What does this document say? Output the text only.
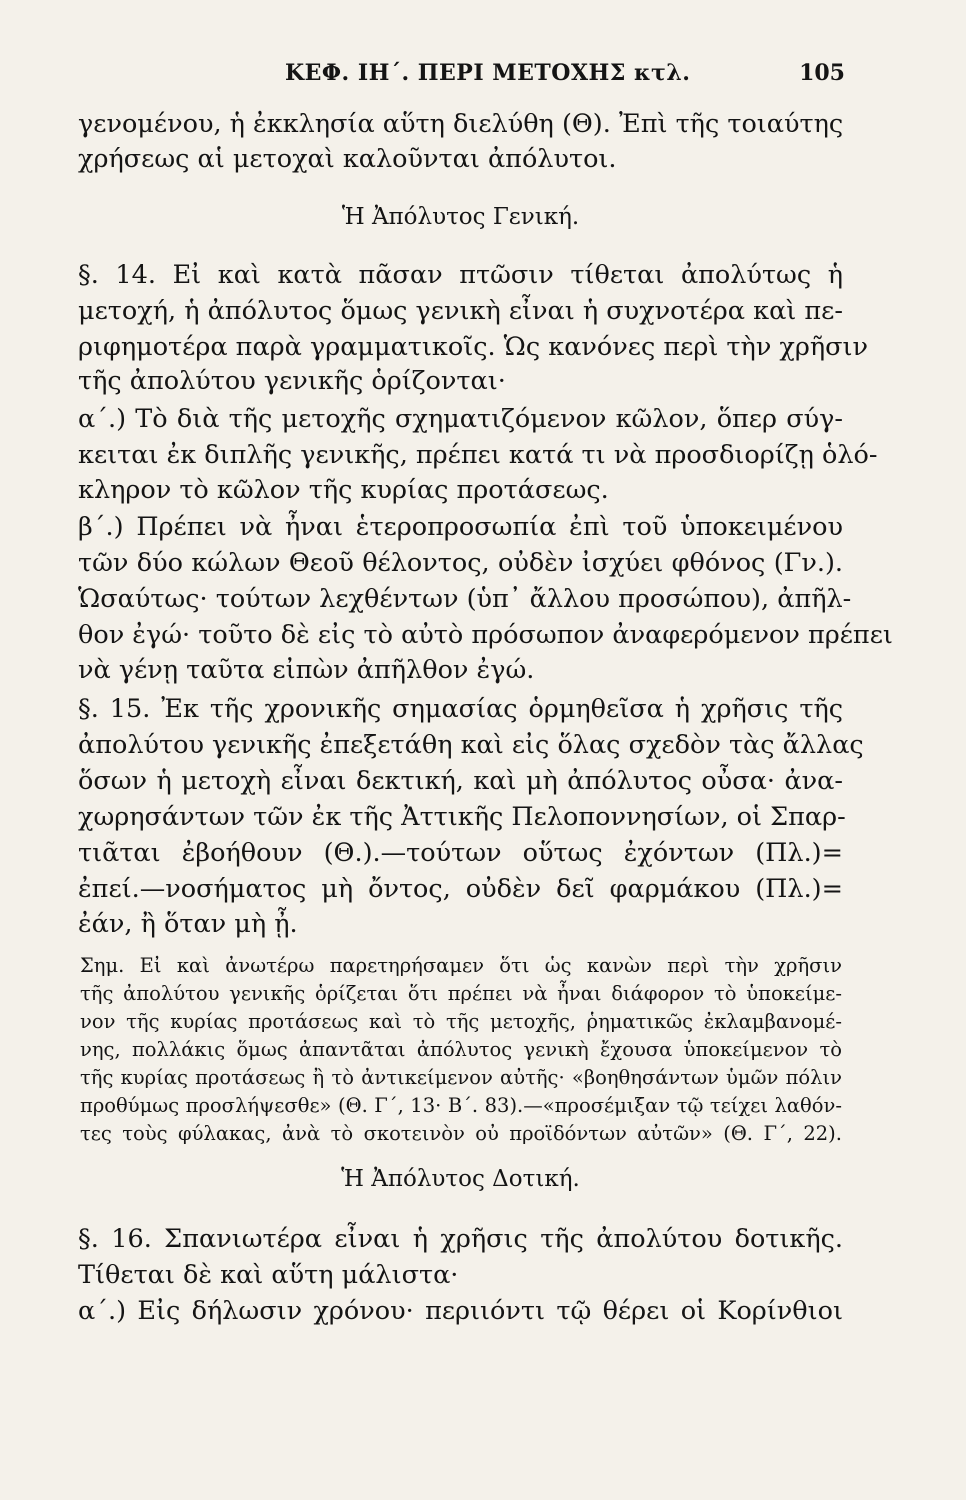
ΚΕΦ. ΙΗ΄. ΠΕΡΙ ΜΕΤΟΧΗΣ κτλ.	105
γενομένου, ἡ ἐκκλησία αὕτη διελύθη (Θ). Ἐπὶ τῆς τοιαύτης
χρήσεως αἱ μετοχαὶ καλοῦνται ἀπόλυτοι.
Ἡ Ἀπόλυτος Γενική.
§. 14. Εἰ καὶ κατὰ πᾶσαν πτῶσιν τίθεται ἀπολύτως ἡ
μετοχή, ἡ ἀπόλυτος ὅμως γενικὴ εἶναι ἡ συχνοτέρα καὶ πε-
ριφημοτέρα παρὰ γραμματικοῖς. Ὡς κανόνες περὶ τὴν χρῆσιν
τῆς ἀπολύτου γενικῆς ὁρίζονται·
α΄.) Τὸ διὰ τῆς μετοχῆς σχηματιζόμενον κῶλον, ὅπερ σύγ-
κειται ἐκ διπλῆς γενικῆς, πρέπει κατά τι νὰ προσδιορίζῃ ὁλό-
κληρον τὸ κῶλον τῆς κυρίας προτάσεως.
β΄.) Πρέπει νὰ ἦναι ἑτεροπροσωπία ἐπὶ τοῦ ὑποκειμένου
τῶν δύο κώλων Θεοῦ θέλοντος, οὐδὲν ἰσχύει φθόνος (Γν.).
Ὡσαύτως· τούτων λεχθέντων (ὑπ᾽ ἄλλου προσώπου), ἀπῆλ-
θον ἐγώ· τοῦτο δὲ εἰς τὸ αὐτὸ πρόσωπον ἀναφερόμενον πρέπει
νὰ γένῃ ταῦτα εἰπὼν ἀπῆλθον ἐγώ.
§. 15. Ἐκ τῆς χρονικῆς σημασίας ὁρμηθεῖσα ἡ χρῆσις τῆς
ἀπολύτου γενικῆς ἐπεξετάθη καὶ εἰς ὅλας σχεδὸν τὰς ἄλλας
ὅσων ἡ μετοχὴ εἶναι δεκτική, καὶ μὴ ἀπόλυτος οὖσα· ἀνα-
χωρησάντων τῶν ἐκ τῆς Ἀττικῆς Πελοποννησίων, οἱ Σπαρ-
τιᾶται ἐβοήθουν (Θ.).—τούτων οὕτως ἐχόντων (Πλ.)=
ἐπεί.—νοσήματος μὴ ὄντος, οὐδὲν δεῖ φαρμάκου (Πλ.)=
ἐάν, ἢ ὅταν μὴ ᾖ.
Σημ. Εἰ καὶ ἀνωτέρω παρετηρήσαμεν ὅτι ὡς κανὼν περὶ τὴν χρῆσιν
τῆς ἀπολύτου γενικῆς ὁρίζεται ὅτι πρέπει νὰ ἦναι διάφορον τὸ ὑποκείμε-
νον τῆς κυρίας προτάσεως καὶ τὸ τῆς μετοχῆς, ῥηματικῶς ἐκλαμβανομέ-
νης, πολλάκις ὅμως ἀπαντᾶται ἀπόλυτος γενικὴ ἔχουσα ὑποκείμενον τὸ
τῆς κυρίας προτάσεως ἢ τὸ ἀντικείμενον αὐτῆς· «βοηθησάντων ὑμῶν πόλιν
προθύμως προσλήψεσθε» (Θ. Γ΄, 13· Β΄. 83).—«προσέμιξαν τῷ τείχει λαθόν-
τες τοὺς φύλακας, ἀνὰ τὸ σκοτεινὸν οὐ προϊδόντων αὐτῶν» (Θ. Γ΄, 22).
Ἡ Ἀπόλυτος Δοτική.
§. 16. Σπανιωτέρα εἶναι ἡ χρῆσις τῆς ἀπολύτου δοτικῆς.
Τίθεται δὲ καὶ αὕτη μάλιστα·
α΄.) Εἰς δήλωσιν χρόνου· περιιόντι τῷ θέρει οἱ Κορίνθιοι
